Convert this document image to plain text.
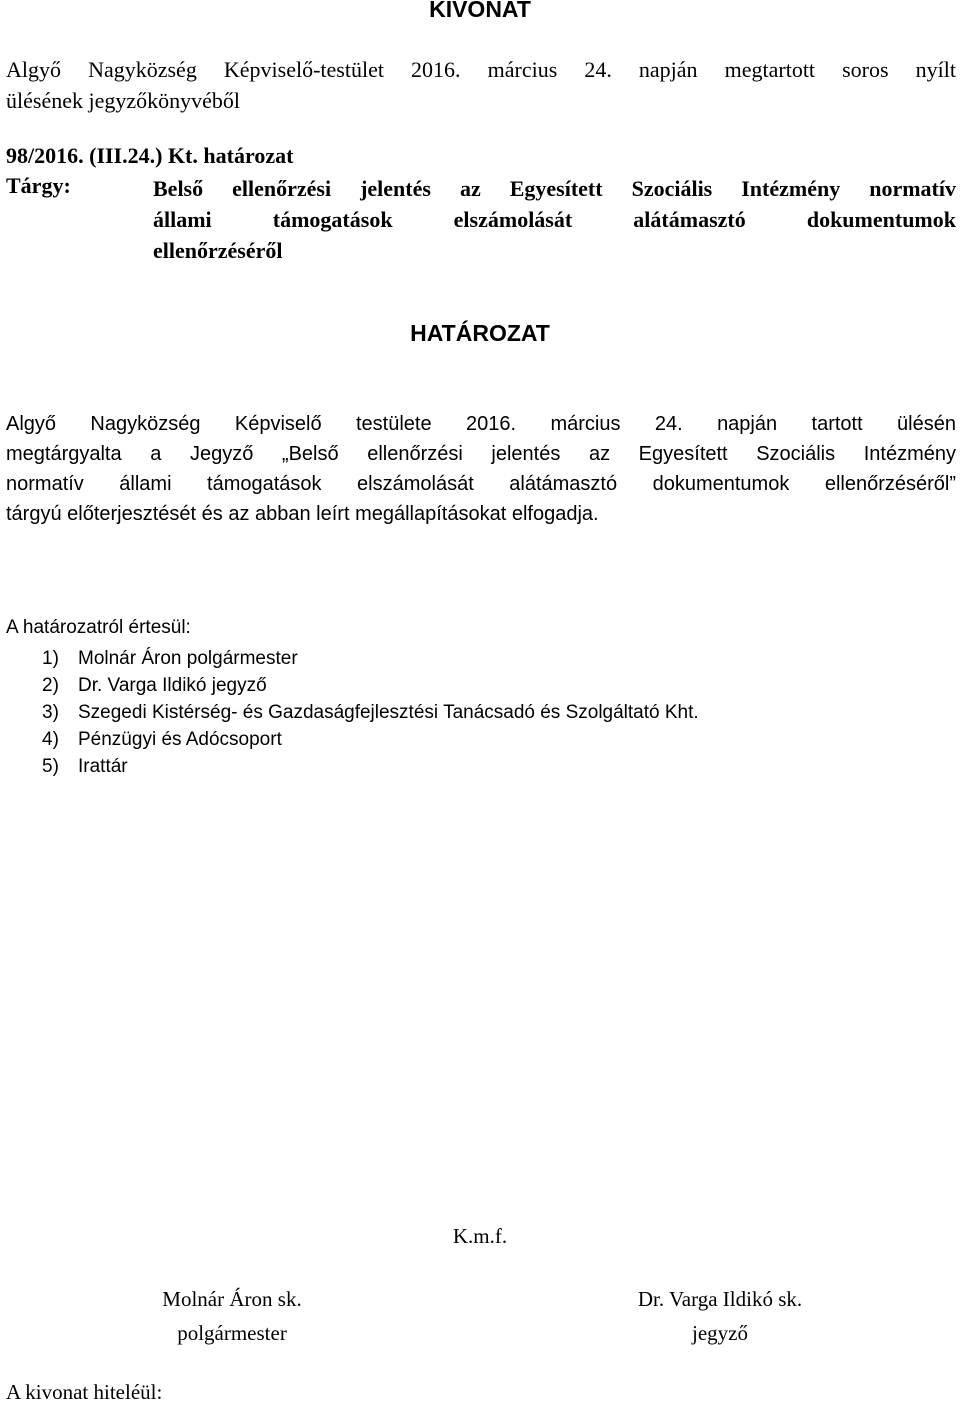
KIVONAT
Algyő Nagyközség Képviselő-testület 2016. március 24. napján megtartott soros nyílt
ülésének jegyzőkönyvéből
98/2016. (III.24.) Kt. határozat
Tárgy:	Belső ellenőrzési jelentés az Egyesített Szociális Intézmény normatív
állami támogatások elszámolását alátámasztó dokumentumok
ellenőrzéséről
HATÁROZAT
Algyő Nagyközség Képviselő testülete 2016. március 24. napján tartott ülésén
megtárgyalta a Jegyző „Belső ellenőrzési jelentés az Egyesített Szociális Intézmény
normatív állami támogatások elszámolását alátámasztó dokumentumok ellenőrzéséről”
tárgyú előterjesztését és az abban leírt megállapításokat elfogadja.
A határozatról értesül:
1)	Molnár Áron polgármester
2)	Dr. Varga Ildikó jegyző
3)	Szegedi Kistérség- és Gazdaságfejlesztési Tanácsadó és Szolgáltató Kht.
4)	Pénzügyi és Adócsoport
5)	Irattár
K.m.f.
Molnár Áron sk.
polgármester
Dr. Varga Ildikó sk.
jegyző
A kivonat hiteléül:
